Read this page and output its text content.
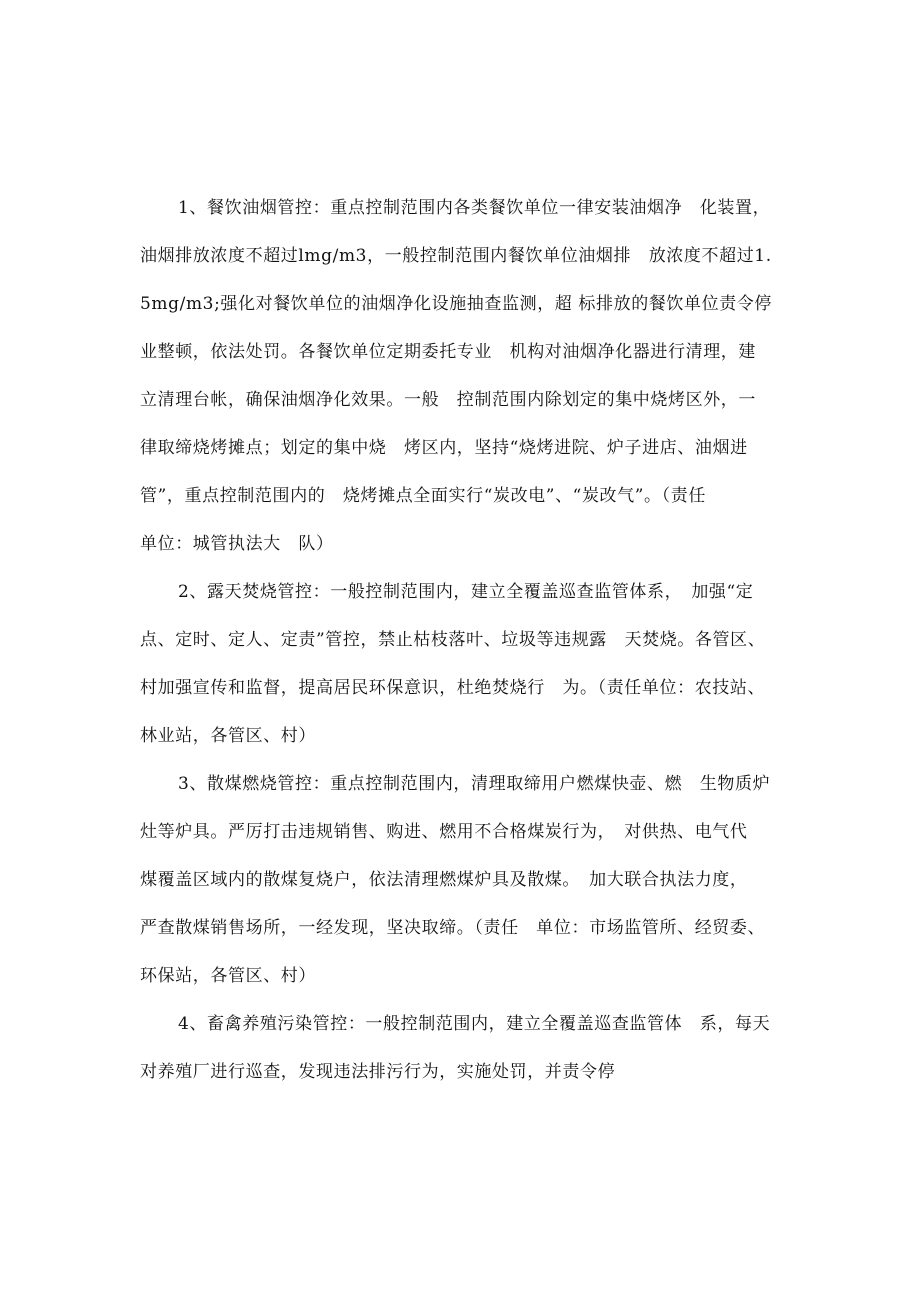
1、餐饮油烟管控：重点控制范围内各类餐饮单位一律安装油烟净　化装置，
油烟排放浓度不超过lmg∕m3，一般控制范围内餐饮单位油烟排　放浓度不超过1.
5mg∕m3;强化对餐饮单位的油烟净化设施抽查监测，超 标排放的餐饮单位责令停
业整顿，依法处罚。各餐饮单位定期委托专业　机构对油烟净化器进行清理，建
立清理台帐，确保油烟净化效果。一般　控制范围内除划定的集中烧烤区外，一
律取缔烧烤摊点；划定的集中烧　烤区内，坚持“烧烤进院、炉子进店、油烟进
管”，重点控制范围内的　烧烤摊点全面实行“炭改电”、“炭改气”。（责任
单位：城管执法大　队）
2、露天焚烧管控：一般控制范围内，建立全覆盖巡查监管体系，　加强“定
点、定时、定人、定责”管控，禁止枯枝落叶、垃圾等违规露　天焚烧。各管区、
村加强宣传和监督，提高居民环保意识，杜绝焚烧行　为。（责任单位：农技站、
林业站，各管区、村）
3、散煤燃烧管控：重点控制范围内，清理取缔用户燃煤快壶、燃　生物质炉
灶等炉具。严厉打击违规销售、购进、燃用不合格煤炭行为，　对供热、电气代
煤覆盖区域内的散煤复烧户，依法清理燃煤炉具及散煤。　加大联合执法力度，
严查散煤销售场所，一经发现，坚决取缔。（责任　单位：市场监管所、经贸委、
环保站，各管区、村）
4、畜禽养殖污染管控：一般控制范围内，建立全覆盖巡查监管体　系，每天
对养殖厂进行巡查，发现违法排污行为，实施处罚，并责令停
